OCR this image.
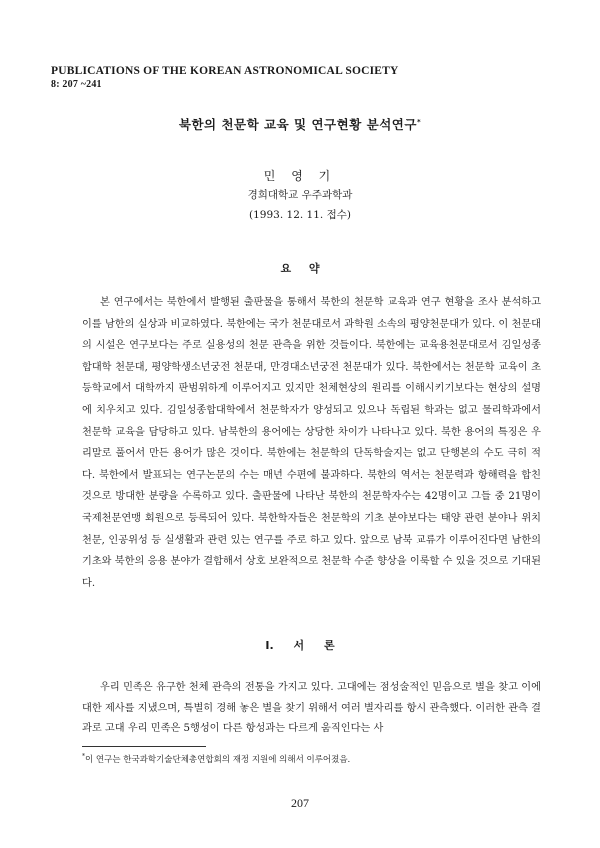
PUBLICATIONS OF THE KOREAN ASTRONOMICAL SOCIETY
8: 207 ~241
북한의 천문학 교육 및 연구현황 분석연구*
민 영 기
경희대학교 우주과학과
(1993. 12. 11. 접수)
요 약

본 연구에서는 북한에서 발행된 출판물을 통해서 북한의 천문학 교육과 연구 현황을 조사 분석하고 이를 남한의 실상과 비교하였다. 북한에는 국가 천문대로서 과학원 소속의 평양천문대가 있다. 이 천문대의 시설은 연구보다는 주로 실용성의 천문 관측을 위한 것들이다. 북한에는 교육용천문대로서 김일성종합대학 천문대, 평양학생소년궁전 천문대, 만경대소년궁전 천문대가 있다. 북한에서는 천문학 교육이 초등학교에서 대학까지 판범위하게 이루어지고 있지만 천체현상의 원리를 이해시키기보다는 현상의 설명에 치우치고 있다. 김일성종합대학에서 천문학자가 양성되고 있으나 독립된 학과는 없고 물리학과에서 천문학 교육을 담당하고 있다. 남북한의 용어에는 상당한 차이가 나타나고 있다. 북한 용어의 특징은 우리말로 풀어서 만든 용어가 많은 것이다. 북한에는 천문학의 단독학술지는 없고 단행본의 수도 극히 적다. 북한에서 발표되는 연구논문의 수는 매년 수편에 불과하다. 북한의 역서는 천문력과 항해력을 합친 것으로 방대한 분량을 수록하고 있다. 출판물에 나타난 북한의 천문학자수는 42명이고 그들 중 21명이 국제천문연맹 회원으로 등록되어 있다. 북한학자들은 천문학의 기초 분야보다는 태양 관련 분야나 위치천문, 인공위성 등 실생활과 관련 있는 연구를 주로 하고 있다. 앞으로 남북 교류가 이루어진다면 남한의 기초와 북한의 응용 분야가 결합해서 상호 보완적으로 천문학 수준 향상을 이룩할 수 있을 것으로 기대된다.

I. 서 론

우리 민족은 유구한 천체 관측의 전통을 가지고 있다. 고대에는 점성술적인 믿음으로 별을 찾고 이에 대한 제사를 지냈으며, 특별히 경해 놓은 별을 찾기 위해서 여러 별자리를 항시 관측했다. 이러한 관측 결과로 고대 우리 민족은 5행성이 다른 항성과는 다르게 움직인다는 사

*이 연구는 한국과학기술단체총연합회의 재정 지원에 의해서 이루어졌음.
207
